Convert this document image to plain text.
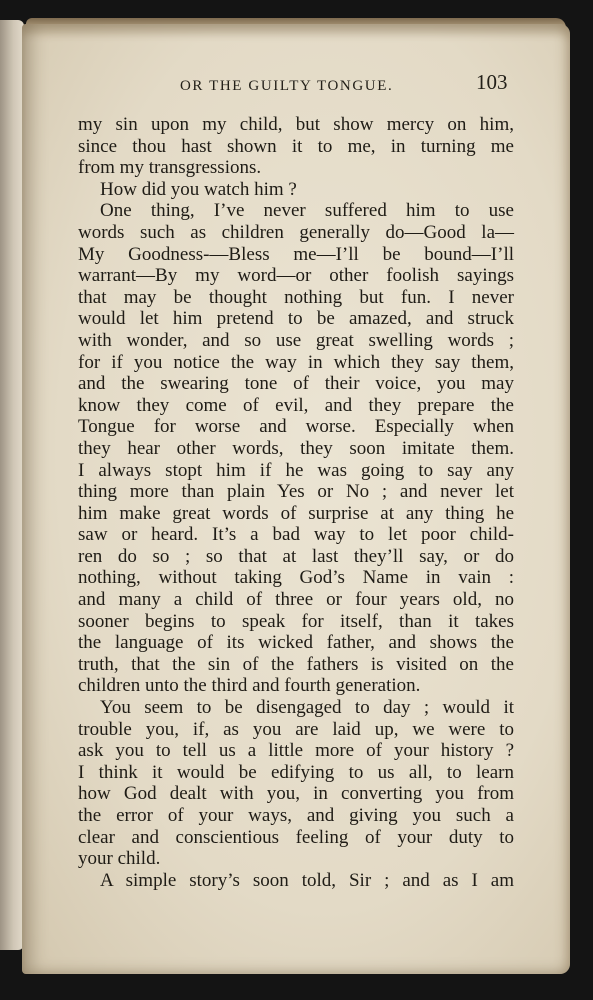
OR THE GUILTY TONGUE.	103
my sin upon my child, but show mercy on him,
since thou hast shown it to me, in turning me
from my transgressions.
How did you watch him ?
One thing, I’ve never suffered him to use
words such as children generally do—Good la—
My Goodness-—Bless me—I’ll be bound—I’ll
warrant—By my word—or other foolish sayings
that may be thought nothing but fun. I never
would let him pretend to be amazed, and struck
with wonder, and so use great swelling words ;
for if you notice the way in which they say them,
and the swearing tone of their voice, you may
know they come of evil, and they prepare the
Tongue for worse and worse. Especially when
they hear other words, they soon imitate them.
I always stopt him if he was going to say any
thing more than plain Yes or No ; and never let
him make great words of surprise at any thing he
saw or heard. It’s a bad way to let poor child-
ren do so ; so that at last they’ll say, or do
nothing, without taking God’s Name in vain :
and many a child of three or four years old, no
sooner begins to speak for itself, than it takes
the language of its wicked father, and shows the
truth, that the sin of the fathers is visited on the
children unto the third and fourth generation.
You seem to be disengaged to day ; would it
trouble you, if, as you are laid up, we were to
ask you to tell us a little more of your history ?
I think it would be edifying to us all, to learn
how God dealt with you, in converting you from
the error of your ways, and giving you such a
clear and conscientious feeling of your duty to
your child.
A simple story’s soon told, Sir ; and as I am
